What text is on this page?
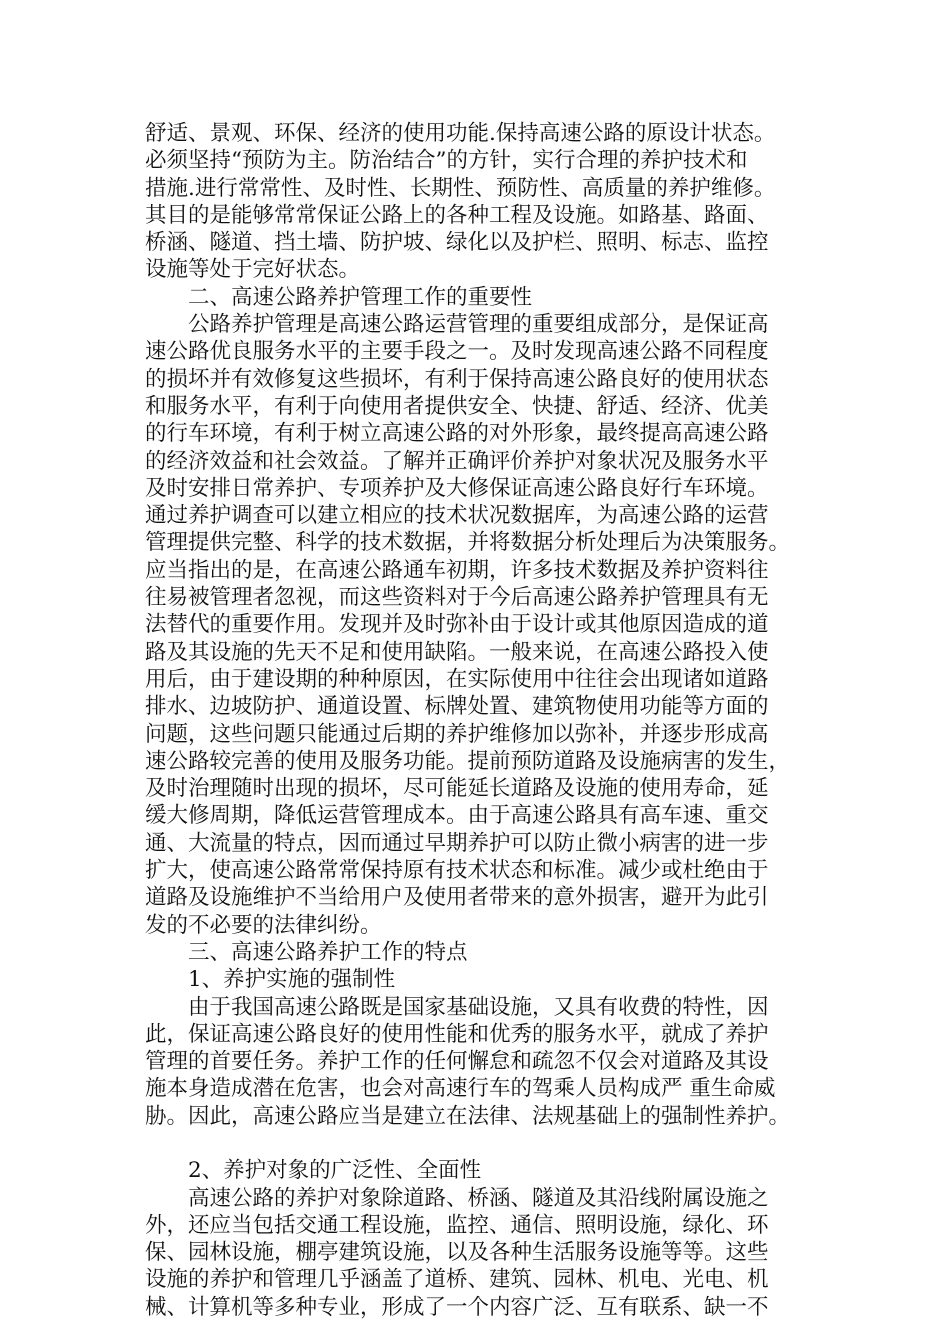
舒适、景观、环保、经济的使用功能.保持高速公路的原设计状态。
必须坚持“预防为主。防治结合”的方针，实行合理的养护技术和
措施.进行常常性、及时性、长期性、预防性、高质量的养护维修。
其目的是能够常常保证公路上的各种工程及设施。如路基、路面、
桥涵、隧道、挡土墙、防护坡、绿化以及护栏、照明、标志、监控
设施等处于完好状态。
二、高速公路养护管理工作的重要性
公路养护管理是高速公路运营管理的重要组成部分，是保证高
速公路优良服务水平的主要手段之一。及时发现高速公路不同程度
的损坏并有效修复这些损坏，有利于保持高速公路良好的使用状态
和服务水平，有利于向使用者提供安全、快捷、舒适、经济、优美
的行车环境，有利于树立高速公路的对外形象，最终提高高速公路
的经济效益和社会效益。了解并正确评价养护对象状况及服务水平
及时安排日常养护、专项养护及大修保证高速公路良好行车环境。
通过养护调查可以建立相应的技术状况数据库，为高速公路的运营
管理提供完整、科学的技术数据，并将数据分析处理后为决策服务。
应当指出的是，在高速公路通车初期，许多技术数据及养护资料往
往易被管理者忽视，而这些资料对于今后高速公路养护管理具有无
法替代的重要作用。发现并及时弥补由于设计或其他原因造成的道
路及其设施的先天不足和使用缺陷。一般来说，在高速公路投入使
用后，由于建设期的种种原因，在实际使用中往往会出现诸如道路
排水、边坡防护、通道设置、标牌处置、建筑物使用功能等方面的
问题，这些问题只能通过后期的养护维修加以弥补，并逐步形成高
速公路较完善的使用及服务功能。提前预防道路及设施病害的发生，
及时治理随时出现的损坏，尽可能延长道路及设施的使用寿命，延
缓大修周期，降低运营管理成本。由于高速公路具有高车速、重交
通、大流量的特点，因而通过早期养护可以防止微小病害的进一步
扩大，使高速公路常常保持原有技术状态和标准。减少或杜绝由于
道路及设施维护不当给用户及使用者带来的意外损害，避开为此引
发的不必要的法律纠纷。
三、高速公路养护工作的特点
1、养护实施的强制性
由于我国高速公路既是国家基础设施，又具有收费的特性，因
此，保证高速公路良好的使用性能和优秀的服务水平，就成了养护
管理的首要任务。养护工作的任何懈怠和疏忽不仅会对道路及其设
施本身造成潜在危害，也会对高速行车的驾乘人员构成严 重生命威
胁。因此，高速公路应当是建立在法律、法规基础上的强制性养护。
2、养护对象的广泛性、全面性
高速公路的养护对象除道路、桥涵、隧道及其沿线附属设施之
外，还应当包括交通工程设施，监控、通信、照明设施，绿化、环
保、园林设施，棚亭建筑设施，以及各种生活服务设施等等。这些
设施的养护和管理几乎涵盖了道桥、建筑、园林、机电、光电、机
械、计算机等多种专业，形成了一个内容广泛、互有联系、缺一不
